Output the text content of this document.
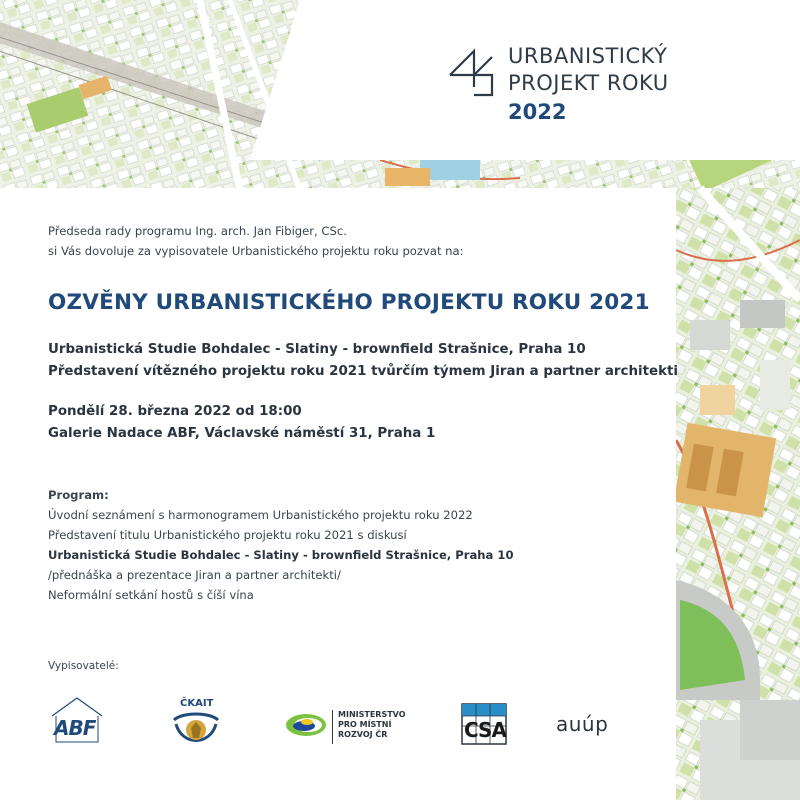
URBANISTICKÝ
PROJEKT ROKU
2022
Předseda rady programu Ing. arch. Jan Fibiger, CSc.
si Vás dovoluje za vypisovatele Urbanistického projektu roku pozvat na:
OZVĚNY URBANISTICKÉHO PROJEKTU ROKU 2021
Urbanistická Studie Bohdalec - Slatiny - brownfield Strašnice, Praha 10
Představení vítězného projektu roku 2021 tvůrčím týmem Jiran a partner architekti
Pondělí 28. března 2022 od 18:00
Galerie Nadace ABF, Václavské náměstí 31, Praha 1
Program:
Úvodní seznámení s harmonogramem Urbanistického projektu roku 2022
Představení titulu Urbanistického projektu roku 2021 s diskusí
Urbanistická Studie Bohdalec - Slatiny - brownfield Strašnice, Praha 10
/přednáška a prezentace Jiran a partner architekti/
Neformální setkání hostů s číší vína
Vypisovatelé:
ABF
ČKAIT
MINISTERSTVO
PRO MÍSTNÍ
ROZVOJ ČR	CSA	auúp
